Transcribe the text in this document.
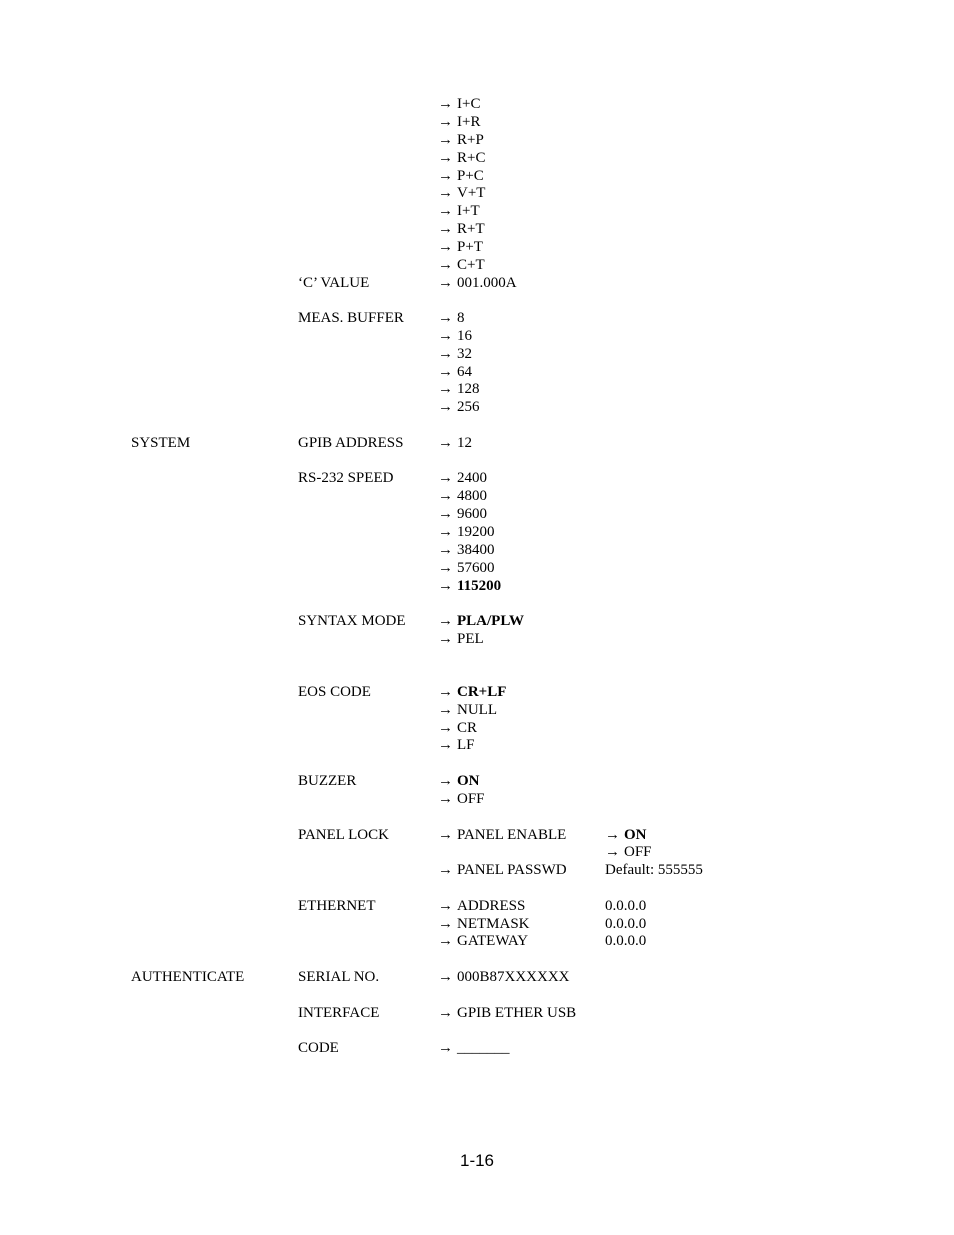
→ I+C
→ I+R
→ R+P
→ R+C
→ P+C
→ V+T
→ I+T
→ R+T
→ P+T
→ C+T
‘C’ VALUE	→ 001.000A
MEAS. BUFFER → 8
→ 16
→ 32
→ 64
→ 128
→ 256
SYSTEM	GPIB ADDRESS → 12
RS-232 SPEED	→ 2400
→ 4800
→ 9600
→ 19200
→ 38400
→ 57600
→ 115200
SYNTAX MODE → PLA/PLW
→ PEL
EOS CODE	→ CR+LF
→ NULL
→ CR
→ LF
BUZZER	→ ON
→ OFF
PANEL LOCK	→ PANEL ENABLE	→ ON
→ OFF
→ PANEL PASSWD	Default: 555555
ETHERNET	→ ADDRESS	0.0.0.0
→ NETMASK	0.0.0.0
→ GATEWAY	0.0.0.0
AUTHENTICATE	SERIAL NO.	→ 000B87XXXXXX
INTERFACE	→ GPIB ETHER USB
CODE	→ _______
1-16
